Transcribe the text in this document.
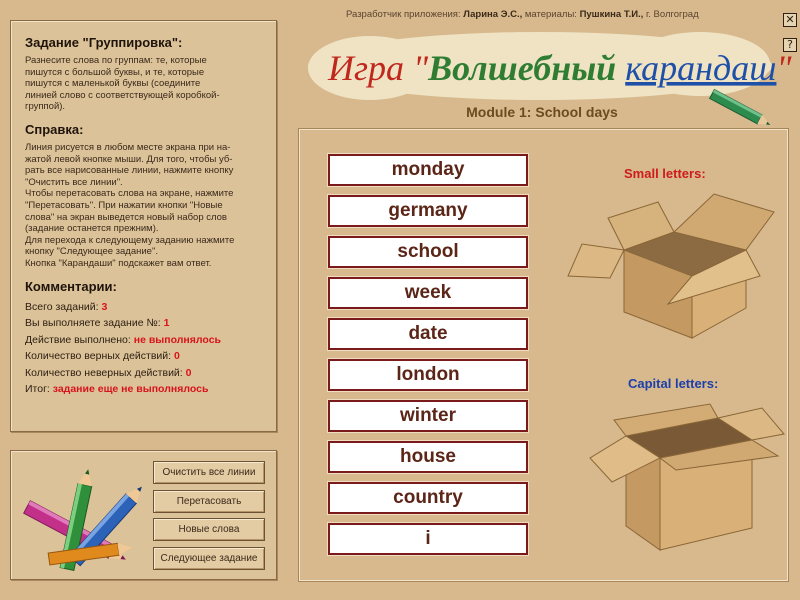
Разработчик приложения: Ларина Э.С., материалы: Пушкина Т.И., г. Волгоград	✕
?
Игра "Волшебный карандаш"
Module 1: School days
Задание "Группировка":
Разнесите слова по группам: те, которые
пишутся с большой буквы, и те, которые
пишутся с маленькой буквы (соедините
линией слово с соответствующей коробкой-
группой).
Справка:
Линия рисуется в любом месте экрана при на-
жатой левой кнопке мыши. Для того, чтобы уб-
рать все нарисованные линии, нажмите кнопку
"Очистить все линии".
Чтобы перетасовать слова на экране, нажмите
"Перетасовать". При нажатии кнопки "Новые
слова" на экран выведется новый набор слов
(задание останется прежним).
Для перехода к следующему заданию нажмите
кнопку "Следующее задание".
Кнопка "Карандаши" подскажет вам ответ.
Комментарии:
Всего заданий: 3
Вы выполняете задание №: 1
Действие выполнено: не выполнялось
Количество верных действий: 0
Количество неверных действий: 0
Итог: задание еще не выполнялось
Очистить все линии
Перетасовать
Новые слова
Следующее задание
monday
germany
school
week
date
london
winter
house
country
i
Small letters:
Capital letters:
